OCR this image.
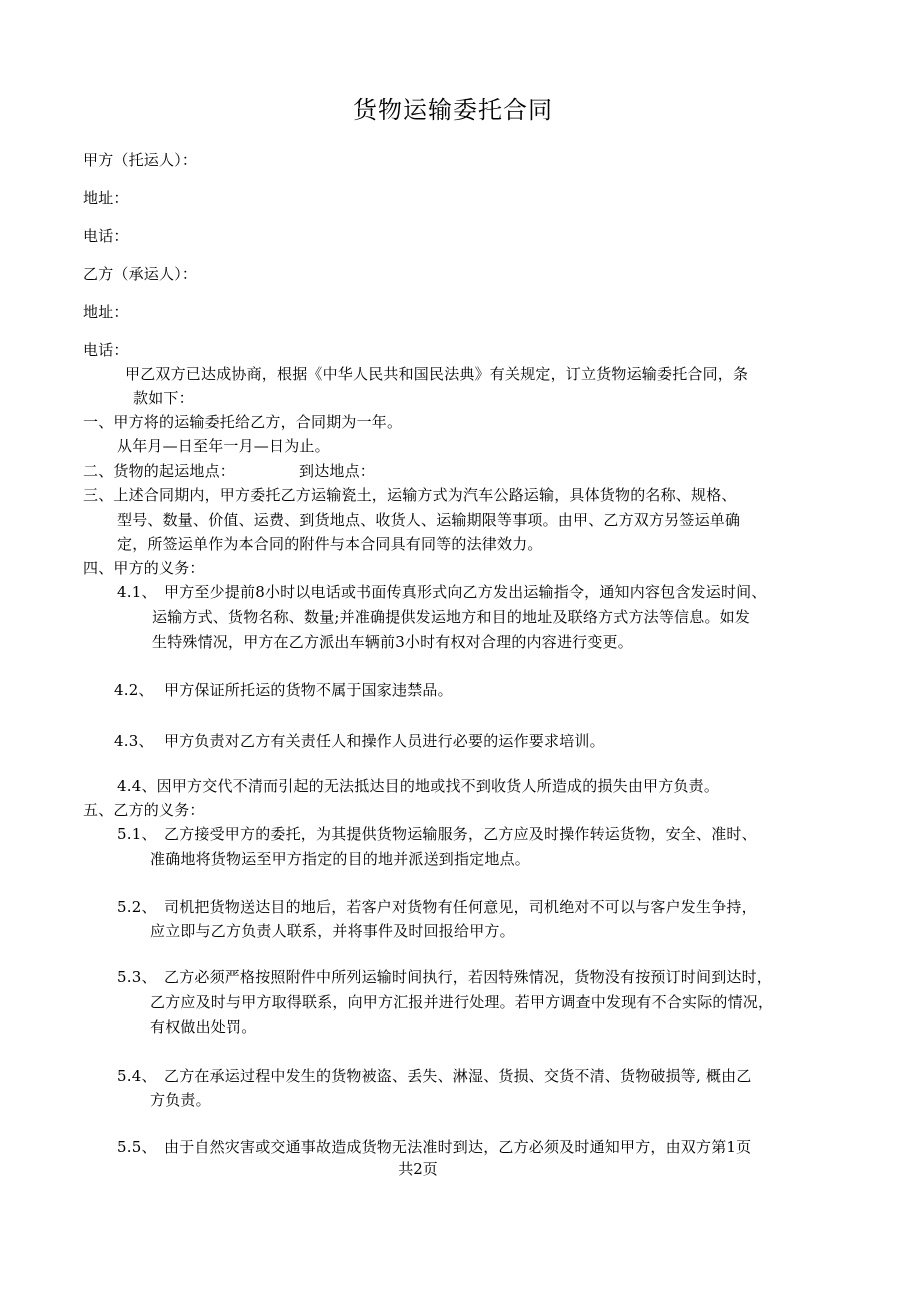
货物运输委托合同
甲方（托运人）：
地址：
电话：
乙方（承运人）：
地址：
电话：
甲乙双方已达成协商，根据《中华人民共和国民法典》有关规定，订立货物运输委托合同，条
款如下：
一、甲方将的运输委托给乙方，合同期为一年。
从年月—日至年一月—日为止。
二、货物的起运地点：	到达地点：
三、上述合同期内，甲方委托乙方运输瓷土，运输方式为汽车公路运输，具体货物的名称、规格、
型号、数量、价值、运费、到货地点、收货人、运输期限等事项。由甲、乙方双方另签运单确
定，所签运单作为本合同的附件与本合同具有同等的法律效力。
四、甲方的义务：
4.1、 甲方至少提前8小时以电话或书面传真形式向乙方发出运输指令，通知内容包含发运时间、
运输方式、货物名称、数量;并准确提供发运地方和目的地址及联络方式方法等信息。如发
生特殊情况，甲方在乙方派出车辆前3小时有权对合理的内容进行变更。
4.2、 甲方保证所托运的货物不属于国家违禁品。
4.3、 甲方负责对乙方有关责任人和操作人员进行必要的运作要求培训。
4.4、因甲方交代不清而引起的无法抵达目的地或找不到收货人所造成的损失由甲方负责。
五、乙方的义务：
5.1、 乙方接受甲方的委托，为其提供货物运输服务，乙方应及时操作转运货物，安全、准时、
准确地将货物运至甲方指定的目的地并派送到指定地点。
5.2、 司机把货物送达目的地后，若客户对货物有任何意见，司机绝对不可以与客户发生争持，
应立即与乙方负责人联系，并将事件及时回报给甲方。
5.3、 乙方必须严格按照附件中所列运输时间执行，若因特殊情况，货物没有按预订时间到达时，
乙方应及时与甲方取得联系，向甲方汇报并进行处理。若甲方调查中发现有不合实际的情况，
有权做出处罚。
5.4、 乙方在承运过程中发生的货物被盗、丢失、淋湿、货损、交货不清、货物破损等, 概由乙
方负责。
5.5、 由于自然灾害或交通事故造成货物无法准时到达，乙方必须及时通知甲方，由双方第1页
共2页
